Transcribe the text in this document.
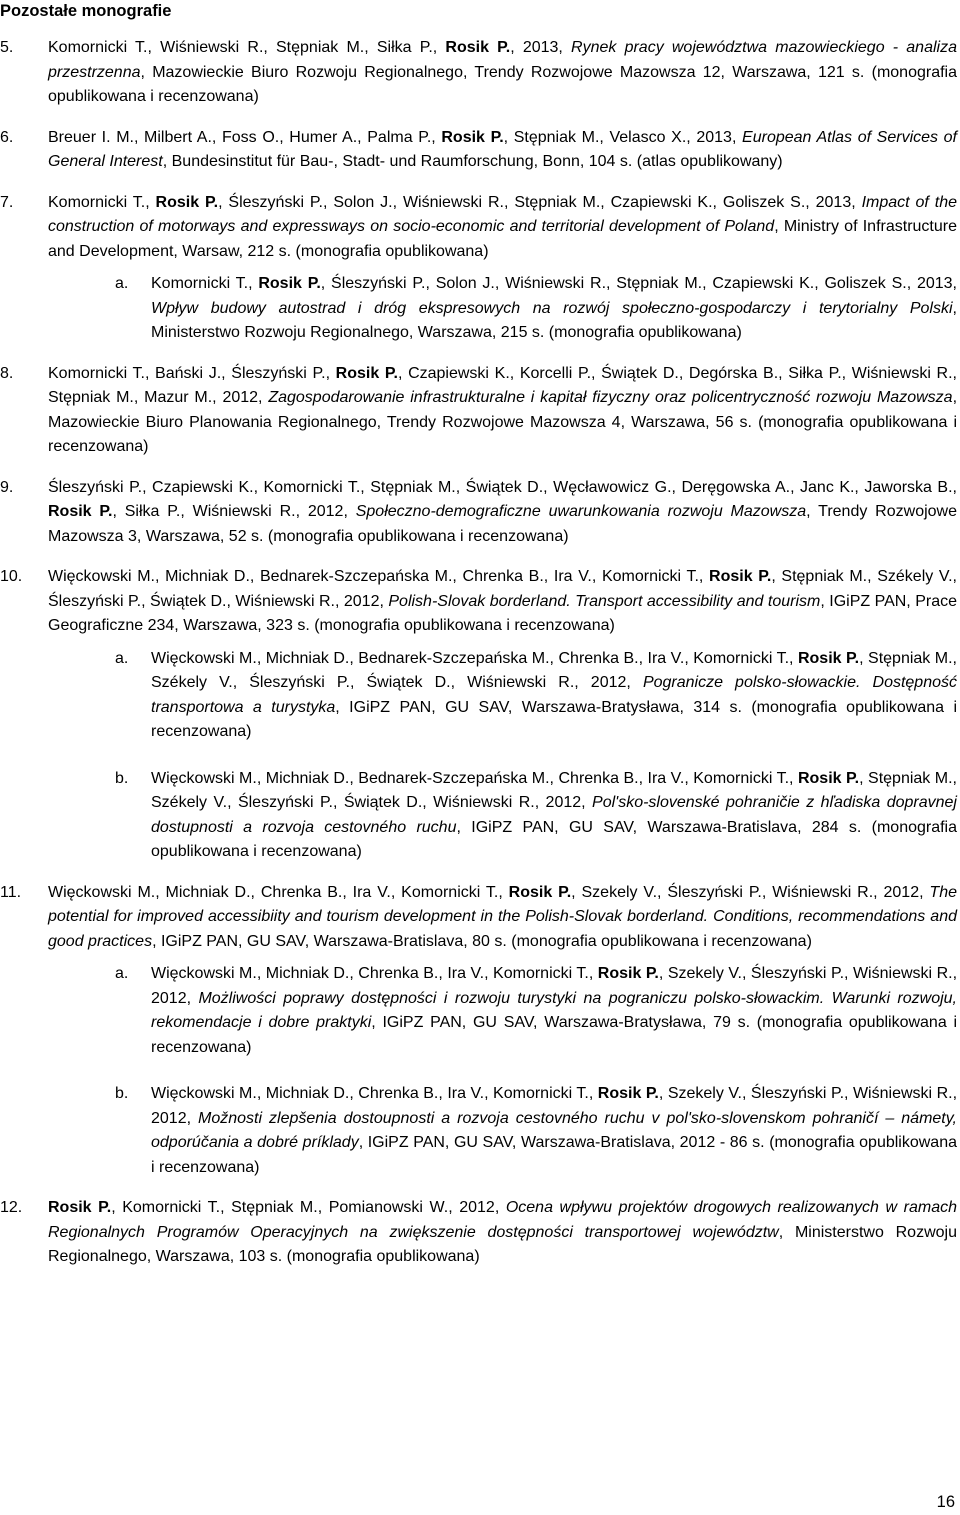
Pozostałe monografie
5. Komornicki T., Wiśniewski R., Stępniak M., Siłka P., Rosik P., 2013, Rynek pracy województwa mazowieckiego - analiza przestrzenna, Mazowieckie Biuro Rozwoju Regionalnego, Trendy Rozwojowe Mazowsza 12, Warszawa, 121 s. (monografia opublikowana i recenzowana)
6. Breuer I. M., Milbert A., Foss O., Humer A., Palma P., Rosik P., Stępniak M., Velasco X., 2013, European Atlas of Services of General Interest, Bundesinstitut für Bau-, Stadt- und Raumforschung, Bonn, 104 s. (atlas opublikowany)
7. Komornicki T., Rosik P., Śleszyński P., Solon J., Wiśniewski R., Stępniak M., Czapiewski K., Goliszek S., 2013, Impact of the construction of motorways and expressways on socio-economic and territorial development of Poland, Ministry of Infrastructure and Development, Warsaw, 212 s. (monografia opublikowana)
a. Komornicki T., Rosik P., Śleszyński P., Solon J., Wiśniewski R., Stępniak M., Czapiewski K., Goliszek S., 2013, Wpływ budowy autostrad i dróg ekspresowych na rozwój społeczno-gospodarczy i terytorialny Polski, Ministerstwo Rozwoju Regionalnego, Warszawa, 215 s. (monografia opublikowana)
8. Komornicki T., Bański J., Śleszyński P., Rosik P., Czapiewski K., Korcelli P., Świątek D., Degórska B., Siłka P., Wiśniewski R., Stępniak M., Mazur M., 2012, Zagospodarowanie infrastrukturalne i kapitał fizyczny oraz policentryczność rozwoju Mazowsza, Mazowieckie Biuro Planowania Regionalnego, Trendy Rozwojowe Mazowsza 4, Warszawa, 56 s. (monografia opublikowana i recenzowana)
9. Śleszyński P., Czapiewski K., Komornicki T., Stępniak M., Świątek D., Węcławowicz G., Deręgowska A., Janc K., Jaworska B., Rosik P., Siłka P., Wiśniewski R., 2012, Społeczno-demograficzne uwarunkowania rozwoju Mazowsza, Trendy Rozwojowe Mazowsza 3, Warszawa, 52 s. (monografia opublikowana i recenzowana)
10. Więckowski M., Michniak D., Bednarek-Szczepańska M., Chrenka B., Ira V., Komornicki T., Rosik P., Stępniak M., Székely V., Śleszyński P., Świątek D., Wiśniewski R., 2012, Polish-Slovak borderland. Transport accessibility and tourism, IGiPZ PAN, Prace Geograficzne 234, Warszawa, 323 s. (monografia opublikowana i recenzowana)
a. Więckowski M., Michniak D., Bednarek-Szczepańska M., Chrenka B., Ira V., Komornicki T., Rosik P., Stępniak M., Székely V., Śleszyński P., Świątek D., Wiśniewski R., 2012, Pogranicze polsko-słowackie. Dostępność transportowa a turystyka, IGiPZ PAN, GU SAV, Warszawa-Bratysława, 314 s. (monografia opublikowana i recenzowana)
b. Więckowski M., Michniak D., Bednarek-Szczepańska M., Chrenka B., Ira V., Komornicki T., Rosik P., Stępniak M., Székely V., Śleszyński P., Świątek D., Wiśniewski R., 2012, Pol'sko-slovenské pohraničie z hľadiska dopravnej dostupnosti a rozvoja cestovného ruchu, IGiPZ PAN, GU SAV, Warszawa-Bratislava, 284 s. (monografia opublikowana i recenzowana)
11. Więckowski M., Michniak D., Chrenka B., Ira V., Komornicki T., Rosik P., Szekely V., Śleszyński P., Wiśniewski R., 2012, The potential for improved accessibiity and tourism development in the Polish-Slovak borderland. Conditions, recommendations and good practices, IGiPZ PAN, GU SAV, Warszawa-Bratislava, 80 s. (monografia opublikowana i recenzowana)
a. Więckowski M., Michniak D., Chrenka B., Ira V., Komornicki T., Rosik P., Szekely V., Śleszyński P., Wiśniewski R., 2012, Możliwości poprawy dostępności i rozwoju turystyki na pograniczu polsko-słowackim. Warunki rozwoju, rekomendacje i dobre praktyki, IGiPZ PAN, GU SAV, Warszawa-Bratysława, 79 s. (monografia opublikowana i recenzowana)
b. Więckowski M., Michniak D., Chrenka B., Ira V., Komornicki T., Rosik P., Szekely V., Śleszyński P., Wiśniewski R., 2012, Možnosti zlepšenia dostoupnosti a rozvoja cestovného ruchu v pol'sko-slovenskom pohraničí – námety, odporúčania a dobré príklady, IGiPZ PAN, GU SAV, Warszawa-Bratislava, 2012 - 86 s. (monografia opublikowana i recenzowana)
12. Rosik P., Komornicki T., Stępniak M., Pomianowski W., 2012, Ocena wpływu projektów drogowych realizowanych w ramach Regionalnych Programów Operacyjnych na zwiększenie dostępności transportowej województw, Ministerstwo Rozwoju Regionalnego, Warszawa, 103 s. (monografia opublikowana)
16
